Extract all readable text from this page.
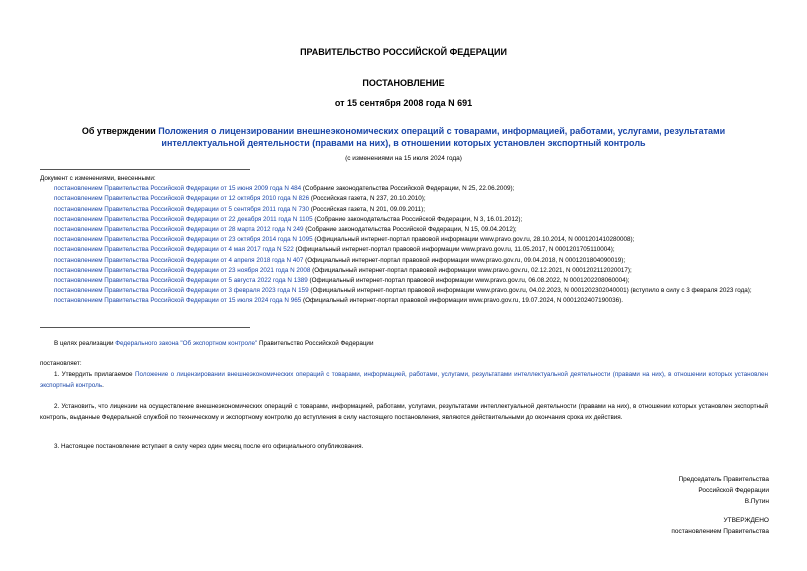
ПРАВИТЕЛЬСТВО РОССИЙСКОЙ ФЕДЕРАЦИИ
ПОСТАНОВЛЕНИЕ
от 15 сентября 2008 года N 691
Об утверждении Положения о лицензировании внешнеэкономических операций с товарами, информацией, работами, услугами, результатами интеллектуальной деятельности (правами на них), в отношении которых установлен экспортный контроль
(с изменениями на 15 июля 2024 года)
Документ с изменениями, внесенными:
постановлением Правительства Российской Федерации от 15 июня 2009 года N 484 (Собрание законодательства Российской Федерации, N 25, 22.06.2009);
постановлением Правительства Российской Федерации от 12 октября 2010 года N 826 (Российская газета, N 237, 20.10.2010);
постановлением Правительства Российской Федерации от 5 сентября 2011 года N 730 (Российская газета, N 201, 09.09.2011);
постановлением Правительства Российской Федерации от 22 декабря 2011 года N 1105 (Собрание законодательства Российской Федерации, N 3, 16.01.2012);
постановлением Правительства Российской Федерации от 28 марта 2012 года N 249 (Собрание законодательства Российской Федерации, N 15, 09.04.2012);
постановлением Правительства Российской Федерации от 23 октября 2014 года N 1095 (Официальный интернет-портал правовой информации www.pravo.gov.ru, 28.10.2014, N 0001201410280008);
постановлением Правительства Российской Федерации от 4 мая 2017 года N 522 (Официальный интернет-портал правовой информации www.pravo.gov.ru, 11.05.2017, N 0001201705110004);
постановлением Правительства Российской Федерации от 4 апреля 2018 года N 407 (Официальный интернет-портал правовой информации www.pravo.gov.ru, 09.04.2018, N 0001201804090019);
постановлением Правительства Российской Федерации от 23 ноября 2021 года N 2008 (Официальный интернет-портал правовой информации www.pravo.gov.ru, 02.12.2021, N 0001202112020017);
постановлением Правительства Российской Федерации от 5 августа 2022 года N 1389 (Официальный интернет-портал правовой информации www.pravo.gov.ru, 06.08.2022, N 0001202208060004);
постановлением Правительства Российской Федерации от 3 февраля 2023 года N 159 (Официальный интернет-портал правовой информации www.pravo.gov.ru, 04.02.2023, N 0001202302040001) (вступило в силу с 3 февраля 2023 года);
постановлением Правительства Российской Федерации от 15 июля 2024 года N 965 (Официальный интернет-портал правовой информации www.pravo.gov.ru, 19.07.2024, N 0001202407190036).
В целях реализации Федерального закона "Об экспортном контроле" Правительство Российской Федерации
постановляет:
1. Утвердить прилагаемое Положение о лицензировании внешнеэкономических операций с товарами, информацией, работами, услугами, результатами интеллектуальной деятельности (правами на них), в отношении которых установлен экспортный контроль.
2. Установить, что лицензии на осуществление внешнеэкономических операций с товарами, информацией, работами, услугами, результатами интеллектуальной деятельности (правами на них), в отношении которых установлен экспортный контроль, выданные Федеральной службой по техническому и экспортному контролю до вступления в силу настоящего постановления, являются действительными до окончания срока их действия.
3. Настоящее постановление вступает в силу через один месяц после его официального опубликования.
Председатель Правительства
Российской Федерации
В.Путин
УТВЕРЖДЕНО
постановлением Правительства
